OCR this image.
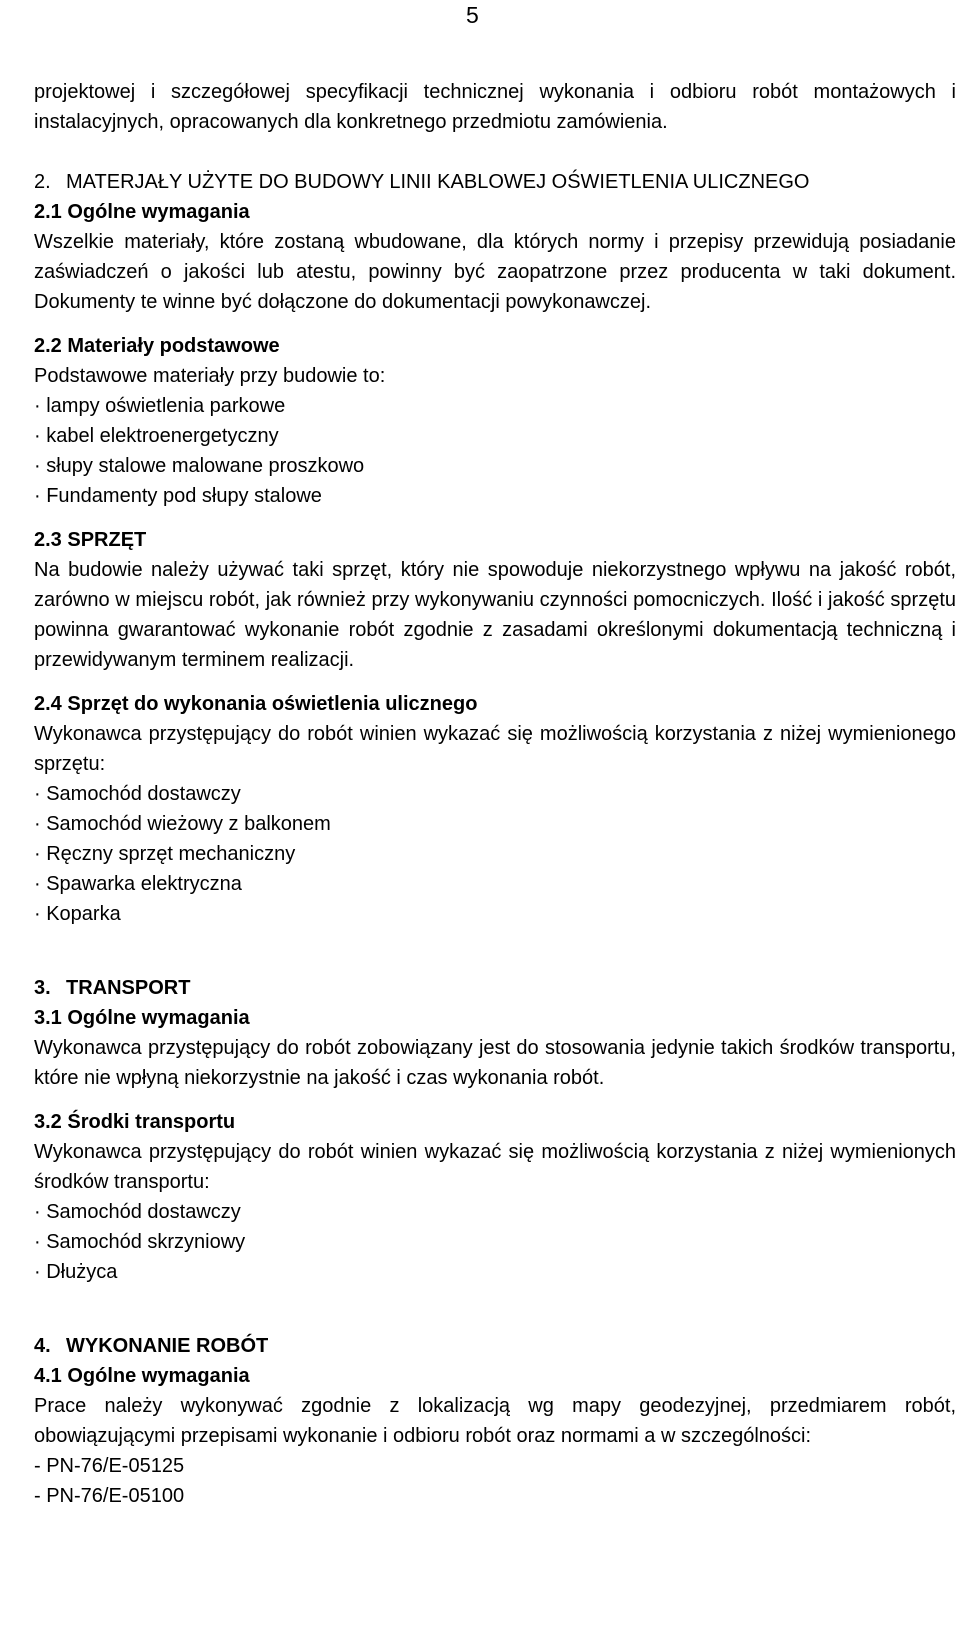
5

projektowej i szczegółowej specyfikacji technicznej wykonania i odbioru robót montażowych i instalacyjnych, opracowanych dla konkretnego przedmiotu zamówienia.

2. MATERJAŁY UŻYTE DO BUDOWY LINII KABLOWEJ OŚWIETLENIA ULICZNEGO

2.1 Ogólne wymagania

Wszelkie materiały, które zostaną wbudowane, dla których normy i przepisy przewidują posiadanie zaświadczeń o jakości lub atestu, powinny być zaopatrzone przez producenta w taki dokument. Dokumenty te winne być dołączone do dokumentacji powykonawczej.

2.2 Materiały podstawowe

Podstawowe materiały przy budowie to:

· lampy oświetlenia parkowe

· kabel elektroenergetyczny

· słupy stalowe malowane proszkowo

· Fundamenty pod słupy stalowe

2.3 SPRZĘT

Na budowie należy używać taki sprzęt, który nie spowoduje niekorzystnego wpływu na jakość robót, zarówno w miejscu robót, jak również przy wykonywaniu czynności pomocniczych. Ilość i jakość sprzętu powinna gwarantować wykonanie robót zgodnie z zasadami określonymi dokumentacją techniczną i przewidywanym terminem realizacji.

2.4 Sprzęt do wykonania oświetlenia ulicznego

Wykonawca przystępujący do robót winien wykazać się możliwością korzystania z niżej wymienionego sprzętu:

· Samochód dostawczy

· Samochód wieżowy z balkonem

· Ręczny sprzęt mechaniczny

· Spawarka elektryczna

· Koparka

3. TRANSPORT

3.1 Ogólne wymagania

Wykonawca przystępujący do robót zobowiązany jest do stosowania jedynie takich środków transportu, które nie wpłyną niekorzystnie na jakość i czas wykonania robót.

3.2 Środki transportu

Wykonawca przystępujący do robót winien wykazać się możliwością korzystania z niżej wymienionych środków transportu:

· Samochód dostawczy

· Samochód skrzyniowy

· Dłużyca

4. WYKONANIE ROBÓT

4.1 Ogólne wymagania

Prace należy wykonywać zgodnie z lokalizacją wg mapy geodezyjnej, przedmiarem robót, obowiązującymi przepisami wykonanie i odbioru robót oraz normami a w szczególności:

- PN-76/E-05125

- PN-76/E-05100
